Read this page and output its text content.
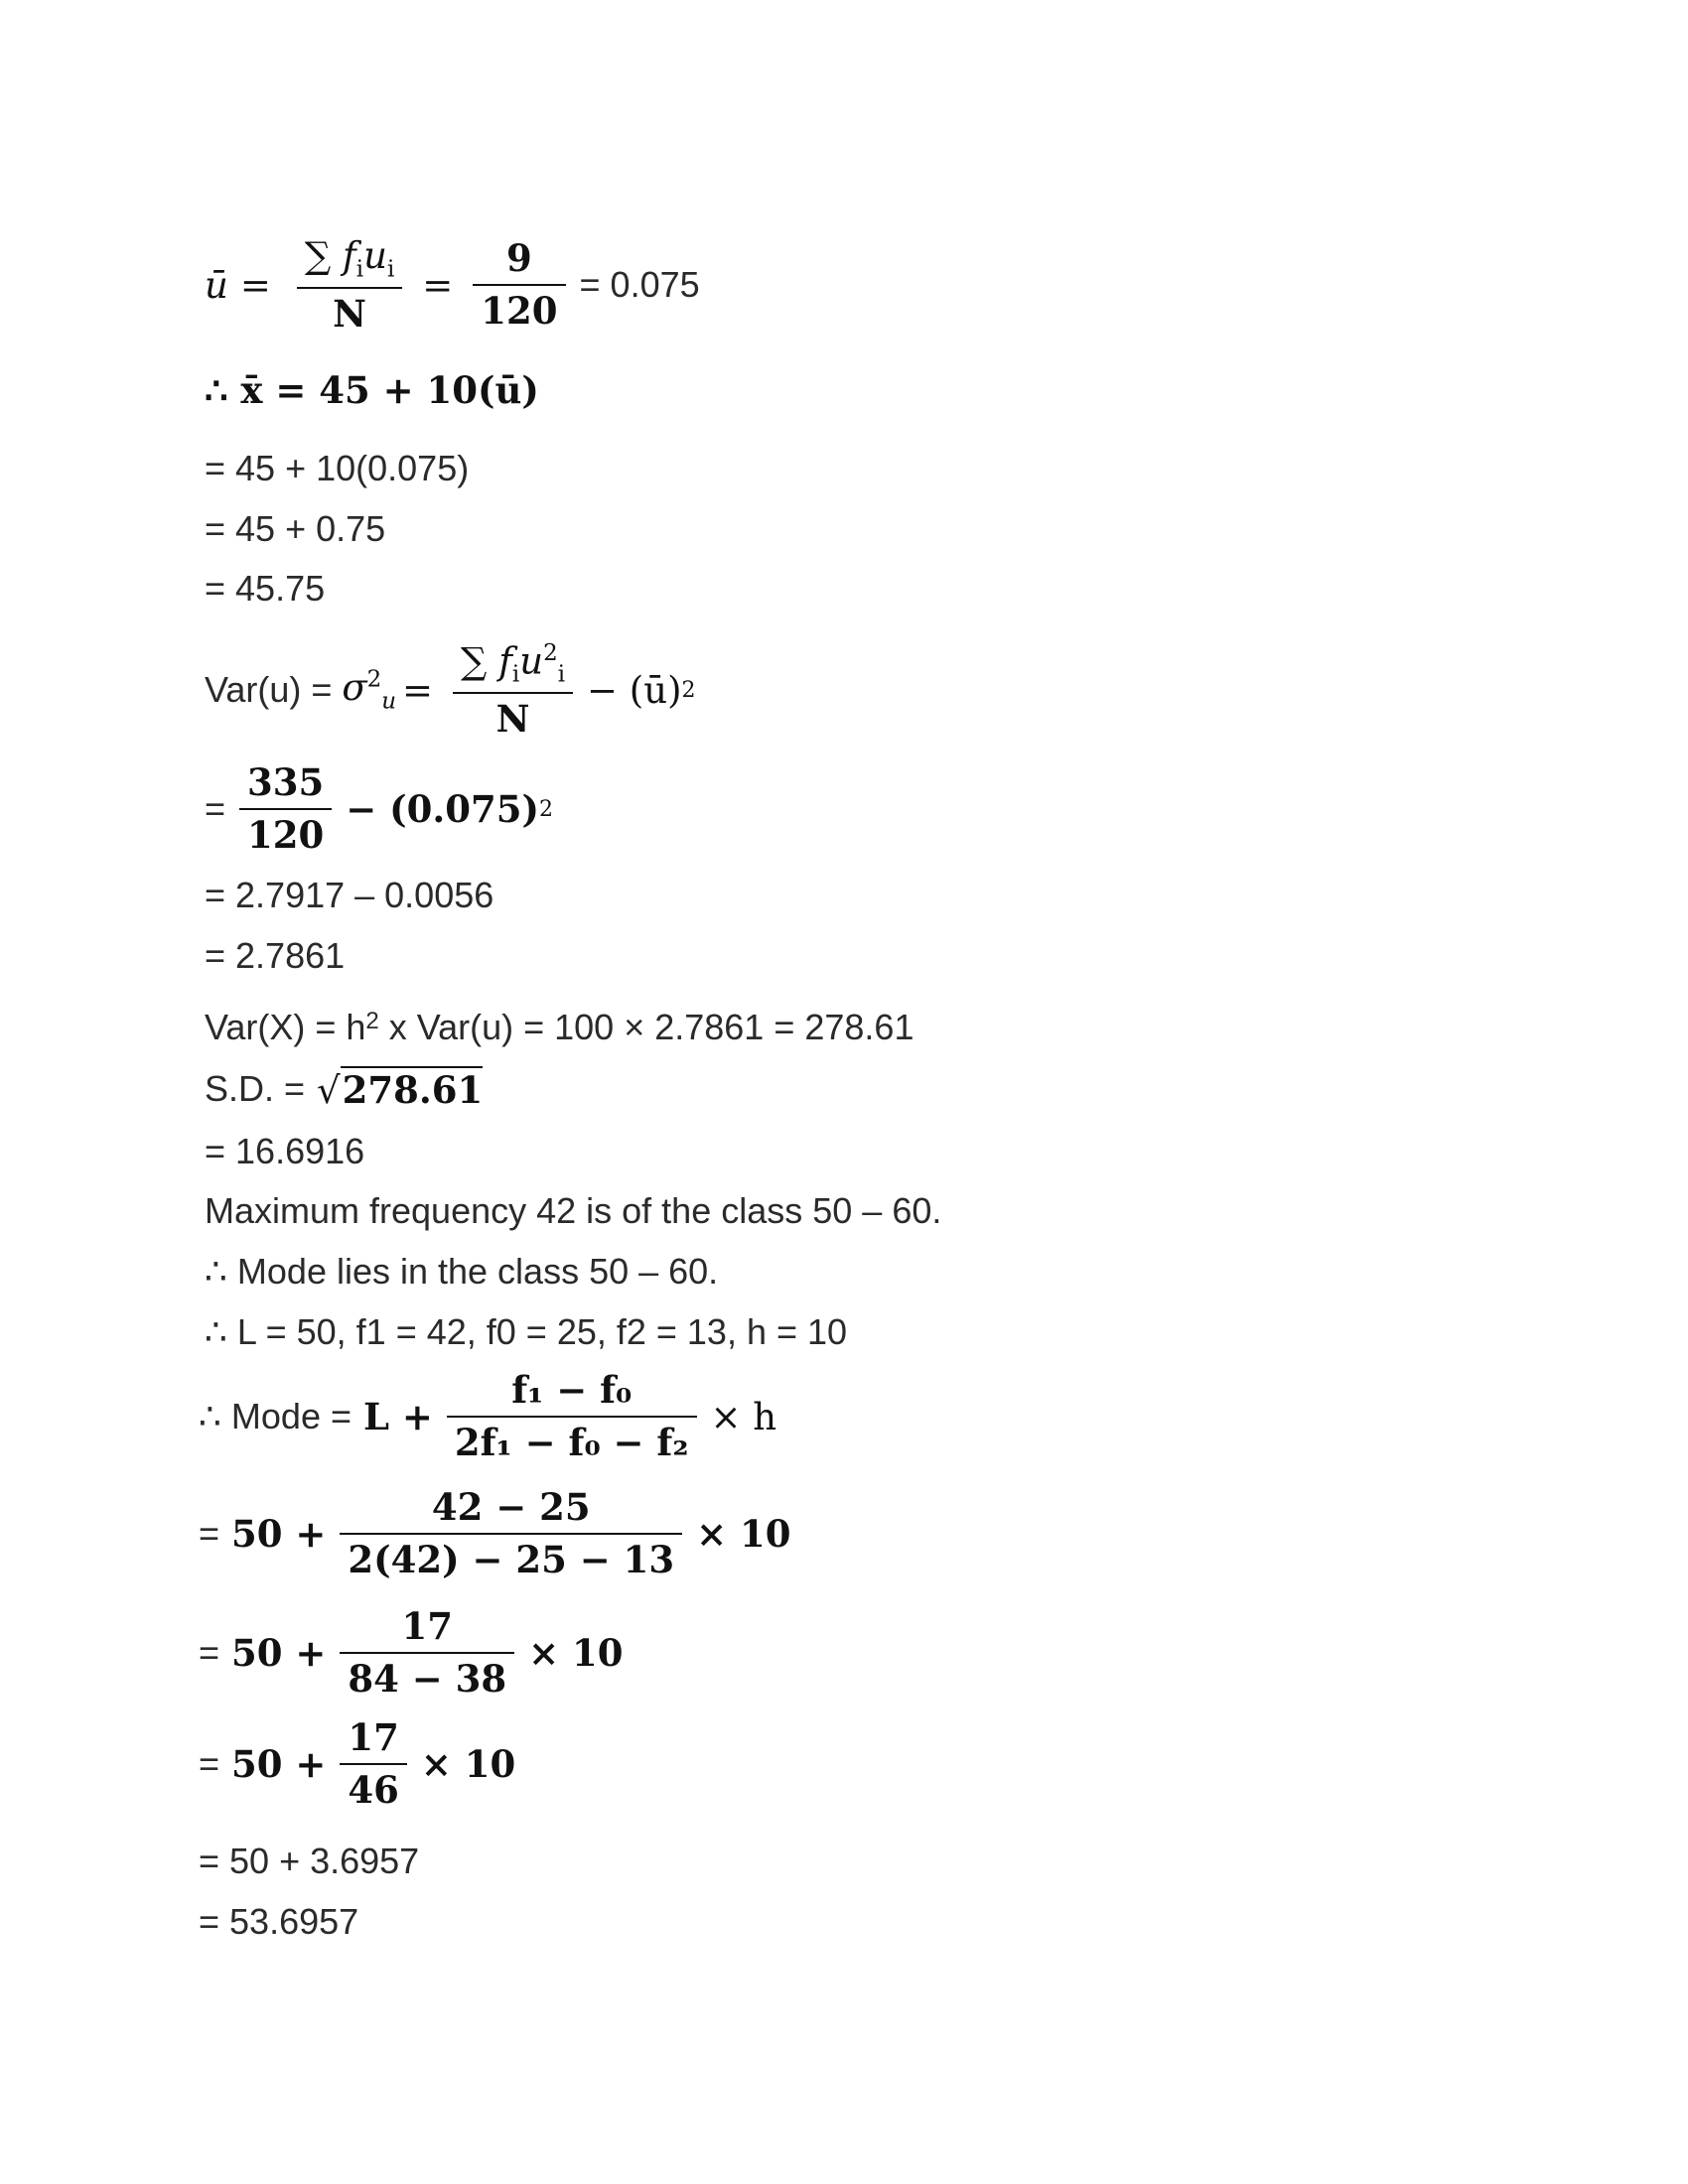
ū = $\frac{\sum f_iu_i}{N} = \frac{9}{120} = 0.075$
∴ x̄ = 45 + 10(ū)
= 45 + 10(0.075)
= 45 + 0.75
= 45.75
$Var(u) = \sigma^2_u = \frac{\sum f_iu^2_i}{N}$ − (ū) 2
= $\frac{335}{120} - (0.075)$ 2
= 2.7917 – 0.0056
= 2.7861
$Var(X) = h^2$ x Var(u) = 100 × 2.7861 = 278.61
S.D. = √ 278.61
= 16.6916
Maximum frequency 42 is of the class 50 – 60.
∴ Mode lies in the class 50 – 60.
∴ L = 50, f1 = 42, f0 = 25, f2 = 13, h = 10
∴ Mode = $L + \frac{\text{f₁ − f₀}}{\text{2f₁ − f₀ − f₂}} \times h$
= $50 + \frac{42 - 25}{2(42) - 25 - 13} \times 10$
= $50 + \frac{17}{84 - 38} \times 10$
= $50 + \frac{17}{46} \times 10$
= 50 + 3.6957
= 53.6957
